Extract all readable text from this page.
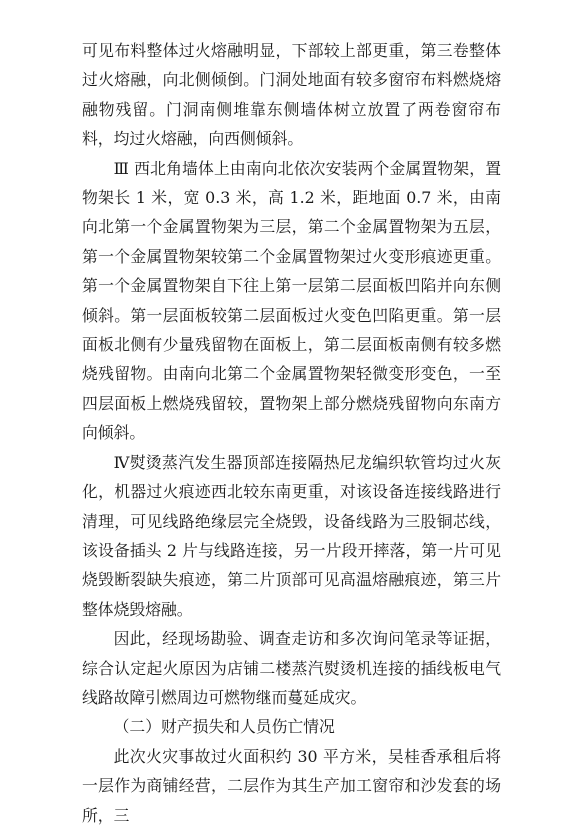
可见布料整体过火熔融明显，下部较上部更重，第三卷整体过火熔融，向北侧倾倒。门洞处地面有较多窗帘布料燃烧熔融物残留。门洞南侧堆靠东侧墙体树立放置了两卷窗帘布料，均过火熔融，向西侧倾斜。

Ⅲ 西北角墙体上由南向北依次安装两个金属置物架，置物架长 1 米，宽 0.3 米，高 1.2 米，距地面 0.7 米，由南向北第一个金属置物架为三层，第二个金属置物架为五层，第一个金属置物架较第二个金属置物架过火变形痕迹更重。第一个金属置物架自下往上第一层第二层面板凹陷并向东侧倾斜。第一层面板较第二层面板过火变色凹陷更重。第一层面板北侧有少量残留物在面板上，第二层面板南侧有较多燃烧残留物。由南向北第二个金属置物架轻微变形变色，一至四层面板上燃烧残留较，置物架上部分燃烧残留物向东南方向倾斜。

Ⅳ熨烫蒸汽发生器顶部连接隔热尼龙编织软管均过火灰化，机器过火痕迹西北较东南更重，对该设备连接线路进行清理，可见线路绝缘层完全烧毁，设备线路为三股铜芯线，该设备插头 2 片与线路连接，另一片段开摔落，第一片可见烧毁断裂缺失痕迹，第二片顶部可见高温熔融痕迹，第三片整体烧毁熔融。

因此，经现场勘验、调查走访和多次询问笔录等证据，综合认定起火原因为店铺二楼蒸汽熨烫机连接的插线板电气线路故障引燃周边可燃物继而蔓延成灾。

（二）财产损失和人员伤亡情况

此次火灾事故过火面积约 30 平方米，吴桂香承租后将一层作为商铺经营，二层作为其生产加工窗帘和沙发套的场所，三
